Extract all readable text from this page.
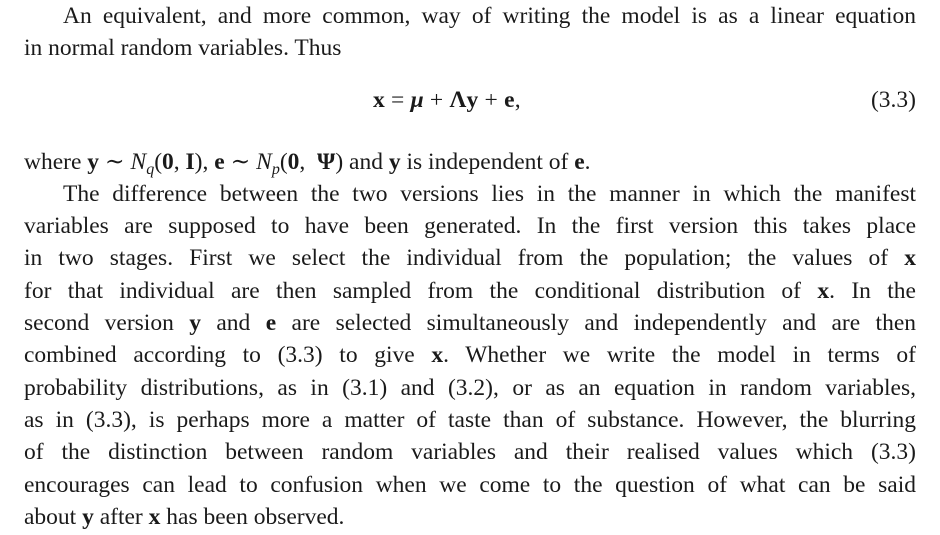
An equivalent, and more common, way of writing the model is as a linear equation
in normal random variables. Thus
x = μ + Λy + e,	(3.3)
where y ∼ $N_q(0$, I), e ∼ $N_p(0$,  Ψ) and y is independent of e.
The difference between the two versions lies in the manner in which the manifest
variables are supposed to have been generated. In the first version this takes place
in two stages. First we select the individual from the population; the values of x
for that individual are then sampled from the conditional distribution of x. In the
second version y and e are selected simultaneously and independently and are then
combined according to (3.3) to give x. Whether we write the model in terms of
probability distributions, as in (3.1) and (3.2), or as an equation in random variables,
as in (3.3), is perhaps more a matter of taste than of substance. However, the blurring
of the distinction between random variables and their realised values which (3.3)
encourages can lead to confusion when we come to the question of what can be said
about y after x has been observed.
